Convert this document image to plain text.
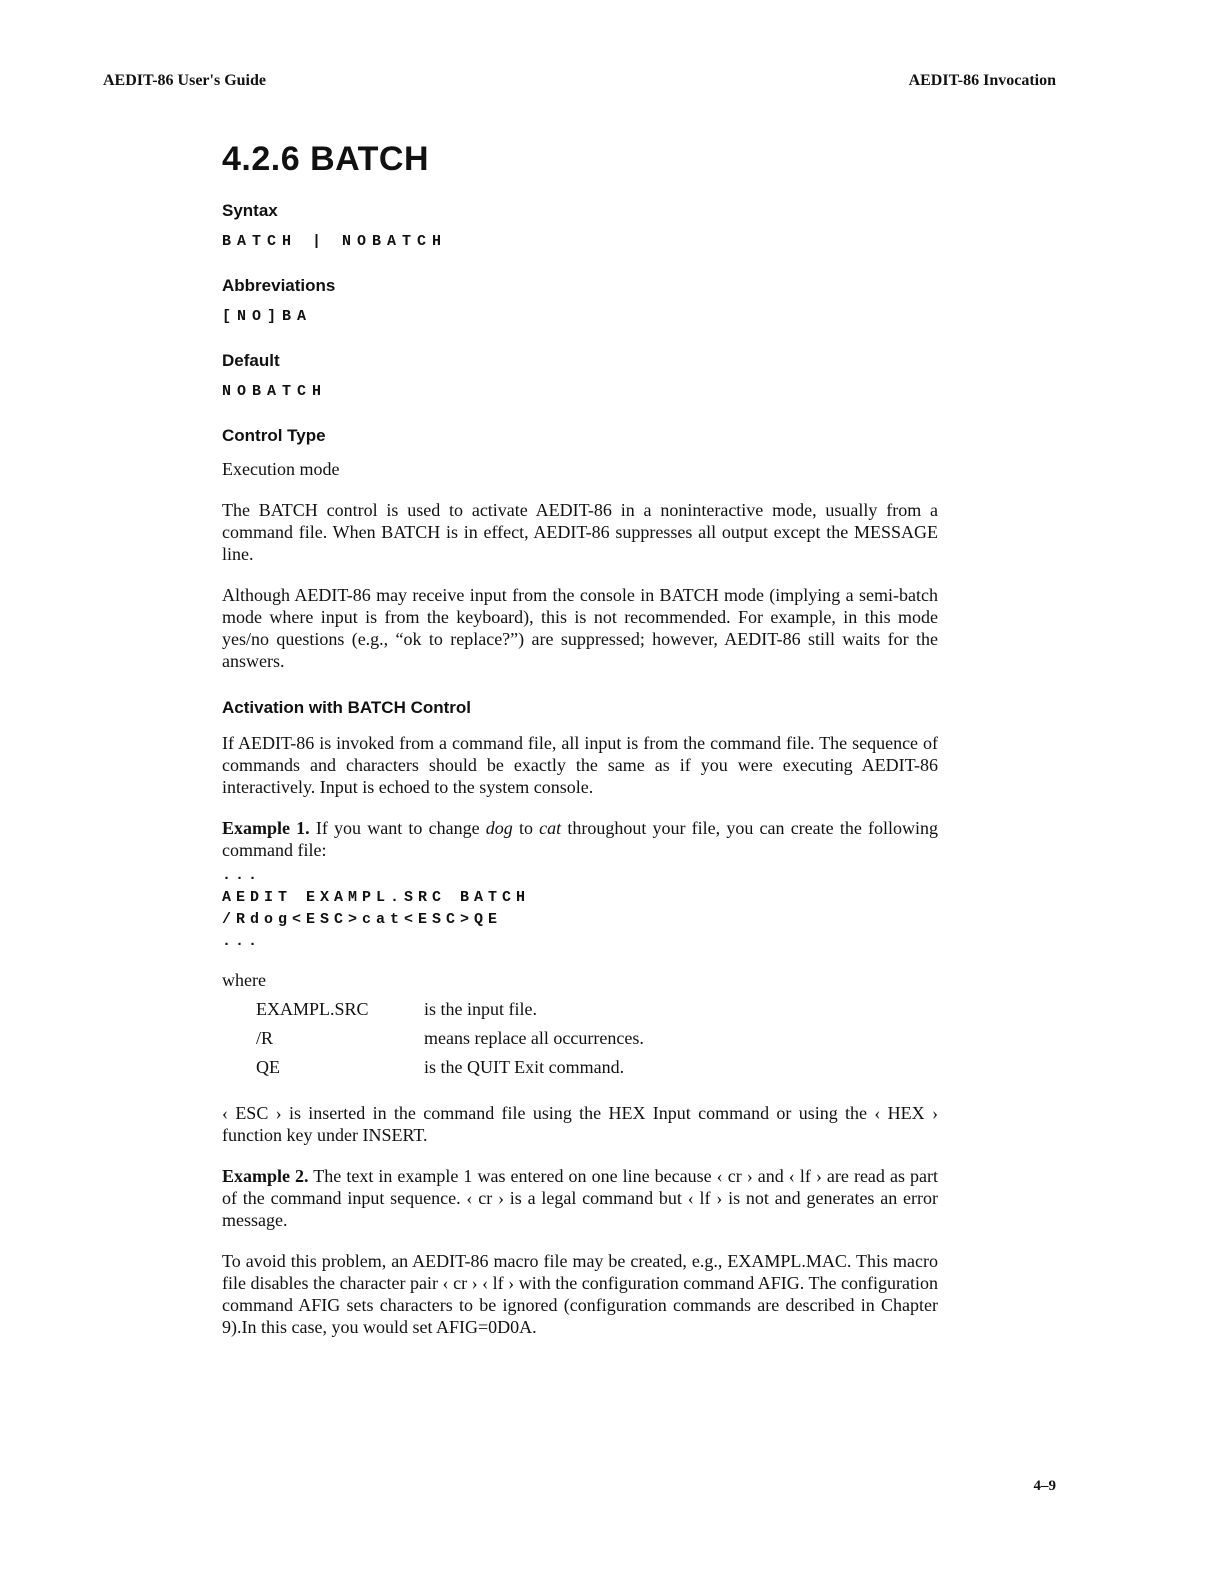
AEDIT-86 User's Guide	AEDIT-86 Invocation
4.2.6 BATCH
Syntax
BATCH | NOBATCH
Abbreviations
[NO]BA
Default
NOBATCH
Control Type

Execution mode

The BATCH control is used to activate AEDIT-86 in a noninteractive mode, usually from a command file. When BATCH is in effect, AEDIT-86 suppresses all output except the MESSAGE line.

Although AEDIT-86 may receive input from the console in BATCH mode (implying a semi-batch mode where input is from the keyboard), this is not recommended. For example, in this mode yes/no questions (e.g., “ok to replace?”) are suppressed; however, AEDIT-86 still waits for the answers.

Activation with BATCH Control

If AEDIT-86 is invoked from a command file, all input is from the command file. The sequence of commands and characters should be exactly the same as if you were executing AEDIT-86 interactively. Input is echoed to the system console.

Example 1. If you want to change dog to cat throughout your file, you can create the following command file:

...
AEDIT EXAMPL.SRC BATCH
/Rdog<ESC>cat<ESC>QE
...

where

EXAMPL.SRC	is the input file.
/R	means replace all occurrences.
QE	is the QUIT Exit command.

‹ ESC › is inserted in the command file using the HEX Input command or using the ‹ HEX › function key under INSERT.

Example 2. The text in example 1 was entered on one line because ‹ cr › and ‹ lf › are read as part of the command input sequence. ‹ cr › is a legal command but ‹ lf › is not and generates an error message.

To avoid this problem, an AEDIT-86 macro file may be created, e.g., EXAMPL.MAC. This macro file disables the character pair ‹ cr › ‹ lf › with the configuration command AFIG. The configuration command AFIG sets characters to be ignored (configuration commands are described in Chapter 9).In this case, you would set AFIG=0D0A.

4–9
